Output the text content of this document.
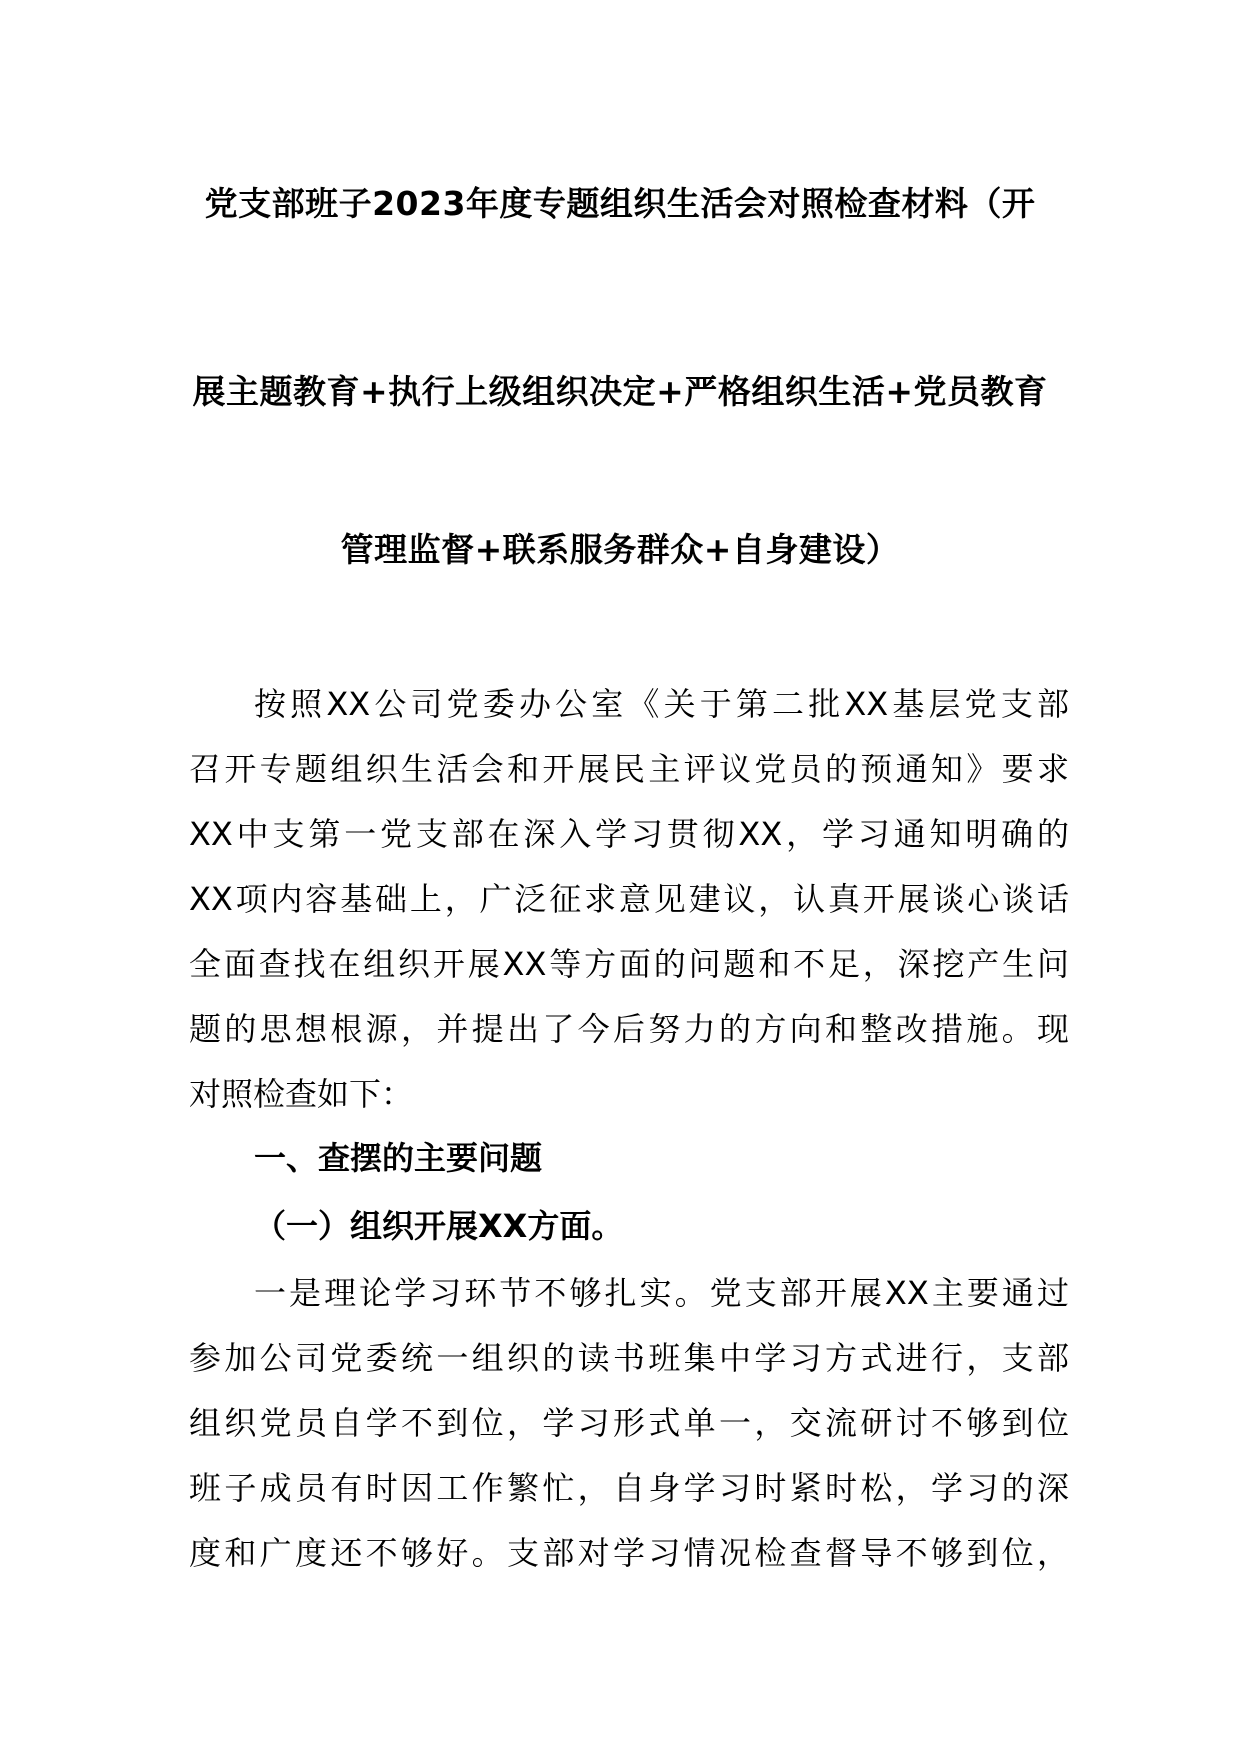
党支部班子2023年度专题组织生活会对照检查材料（开
展主题教育+执行上级组织决定+严格组织生活+党员教育
管理监督+联系服务群众+自身建设）
按照XX公司党委办公室《关于第二批XX基层党支部
召开专题组织生活会和开展民主评议党员的预通知》要求
XX中支第一党支部在深入学习贯彻XX，学习通知明确的
XX项内容基础上，广泛征求意见建议，认真开展谈心谈话
全面查找在组织开展XX等方面的问题和不足，深挖产生问
题的思想根源，并提出了今后努力的方向和整改措施。现
对照检查如下：
一、查摆的主要问题
（一）组织开展XX方面。
一是理论学习环节不够扎实。党支部开展XX主要通过
参加公司党委统一组织的读书班集中学习方式进行，支部
组织党员自学不到位，学习形式单一，交流研讨不够到位
班子成员有时因工作繁忙，自身学习时紧时松，学习的深
度和广度还不够好。支部对学习情况检查督导不够到位，
